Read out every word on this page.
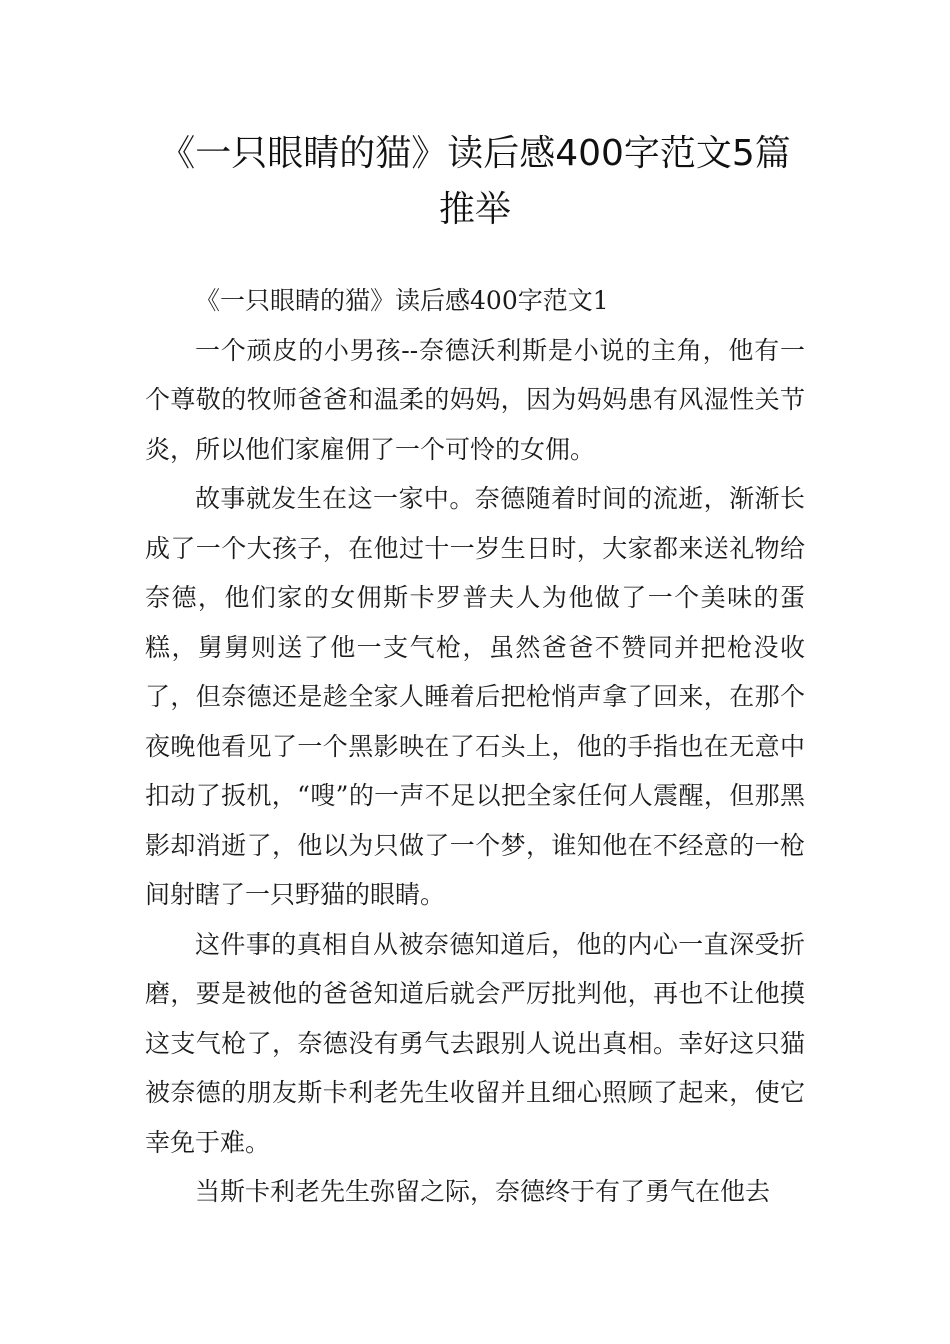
《一只眼睛的猫》读后感400字范文5篇推举

《一只眼睛的猫》读后感400字范文1

一个顽皮的小男孩--奈德沃利斯是小说的主角，他有一个尊敬的牧师爸爸和温柔的妈妈，因为妈妈患有风湿性关节炎，所以他们家雇佣了一个可怜的女佣。

故事就发生在这一家中。奈德随着时间的流逝，渐渐长成了一个大孩子，在他过十一岁生日时，大家都来送礼物给奈德，他们家的女佣斯卡罗普夫人为他做了一个美味的蛋糕，舅舅则送了他一支气枪，虽然爸爸不赞同并把枪没收了，但奈德还是趁全家人睡着后把枪悄声拿了回来，在那个夜晚他看见了一个黑影映在了石头上，他的手指也在无意中扣动了扳机，“嗖”的一声不足以把全家任何人震醒，但那黑影却消逝了，他以为只做了一个梦，谁知他在不经意的一枪间射瞎了一只野猫的眼睛。

这件事的真相自从被奈德知道后，他的内心一直深受折磨，要是被他的爸爸知道后就会严厉批判他，再也不让他摸这支气枪了，奈德没有勇气去跟别人说出真相。幸好这只猫被奈德的朋友斯卡利老先生收留并且细心照顾了起来，使它幸免于难。

当斯卡利老先生弥留之际，奈德终于有了勇气在他去
